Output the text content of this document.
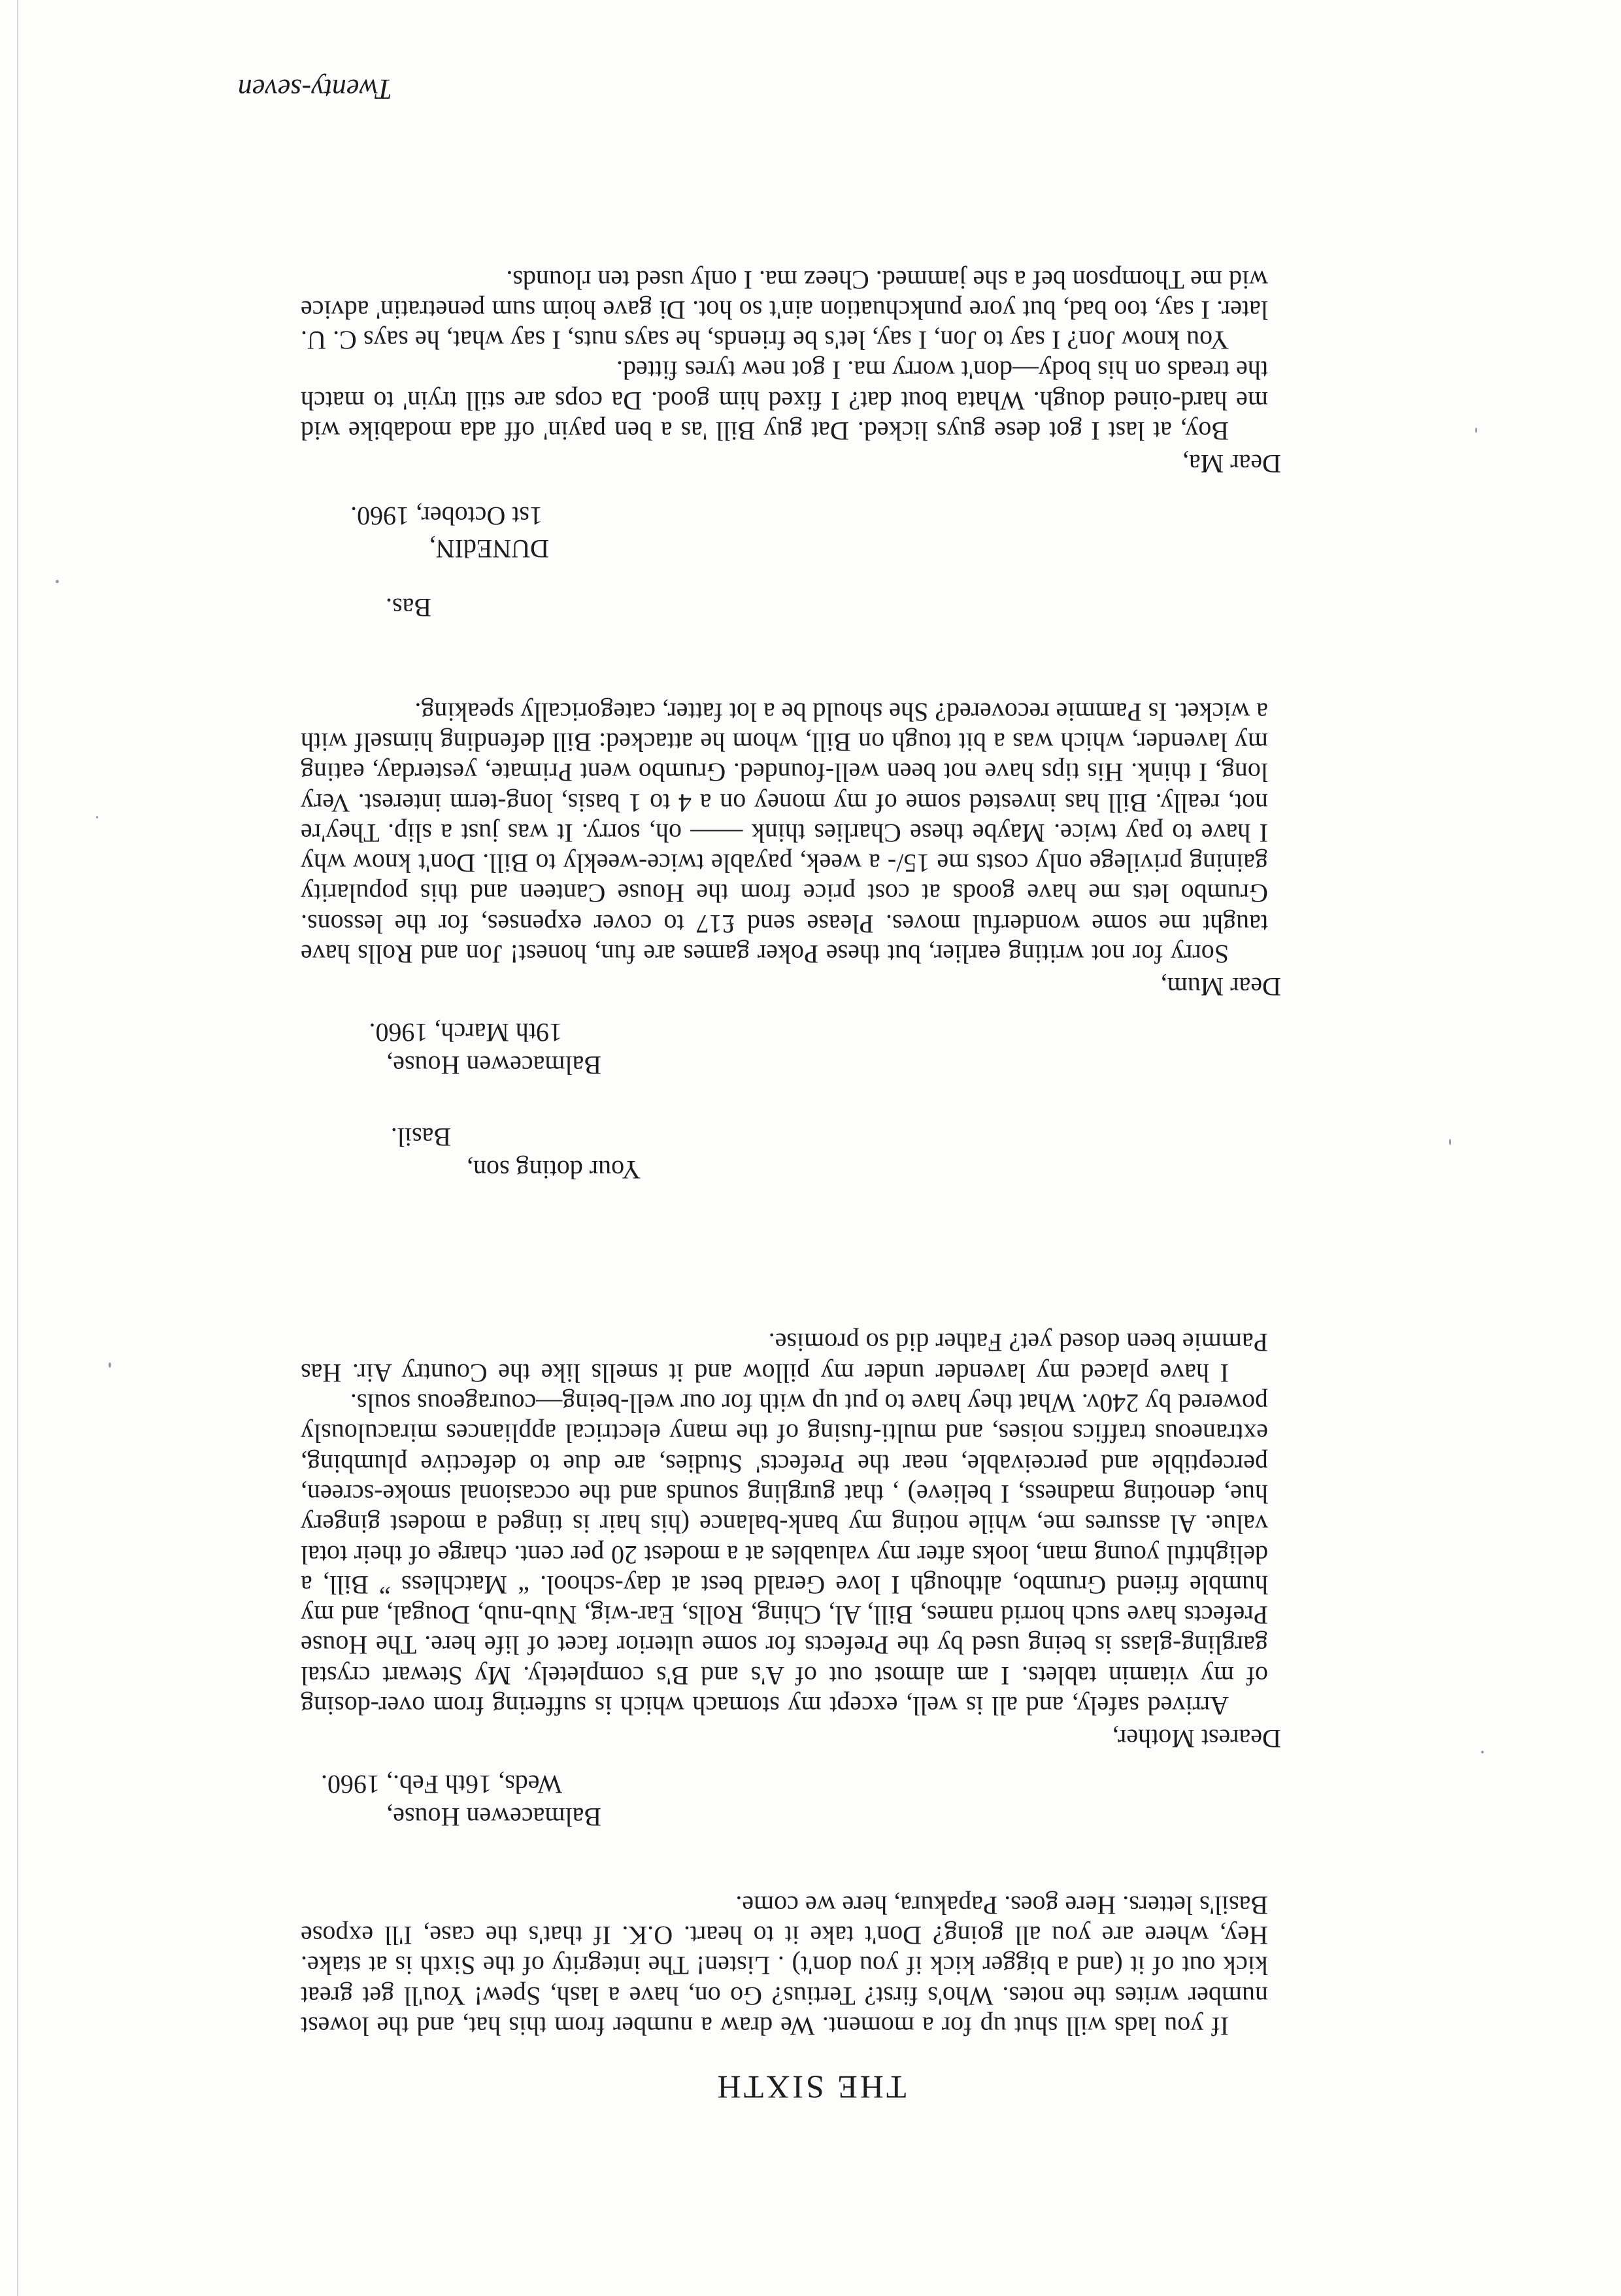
THE SIXTH

If you lads will shut up for a moment. We draw a number from this hat, and the lowest number writes the notes. Who's first? Tertius? Go on, have a lash, Spew! You'll get great kick out of it (and a bigger kick if you don't) . Listen! The integrity of the Sixth is at stake. Hey, where are you all going? Don't take it to heart. O.K. If that's the case, I'll expose Basil's letters. Here goes. Papakura, here we come.

Balmacewen House,
Weds, 16th Feb., 1960.
Dearest Mother,

Arrived safely, and all is well, except my stomach which is suffering from over-dosing of my vitamin tablets. I am almost out of A's and B's completely. My Stewart crystal gargling-glass is being used by the Prefects for some ulterior facet of life here. The House Prefects have such horrid names, Bill, Al, Ching, Rolls, Ear-wig, Nub-nub, Dougal, and my humble friend Grumbo, although I love Gerald best at day-school. “ Matchless ” Bill, a delightful young man, looks after my valuables at a modest 20 per cent. charge of their total value. Al assures me, while noting my bank-balance (his hair is tinged a modest gingery hue, denoting madness, I believe) , that gurgling sounds and the occasional smoke-screen, perceptible and perceivable, near the Prefects' Studies, are due to defective plumbing, extraneous traffics noises, and multi-fusing of the many electrical appliances miraculously powered by 240v. What they have to put up with for our well-being—courageous souls.

I have placed my lavender under my pillow and it smells like the Country Air. Has Pammie been dosed yet? Father did so promise.

Your doting son,
Basil.
Balmacewen House,
19th March, 1960.
Dear Mum,

Sorry for not writing earlier, but these Poker games are fun, honest! Jon and Rolls have taught me some wonderful moves. Please send £17 to cover expenses, for the lessons. Grumbo lets me have goods at cost price from the House Canteen and this popularity gaining privilege only costs me 15/- a week, payable twice-weekly to Bill. Don't know why I have to pay twice. Maybe these Charlies think —— oh, sorry. It was just a slip. They're not, really. Bill has invested some of my money on a 4 to 1 basis, long-term interest. Very long, I think. His tips have not been well-founded. Grumbo went Primate, yesterday, eating my lavender, which was a bit tough on Bill, whom he attacked: Bill defending himself with a wicket. Is Pammie recovered? She should be a lot fatter, categorically speaking.

Bas.
DUNEdIN,
1st October, 1960.
Dear Ma,

Boy, at last I got dese guys licked. Dat guy Bill 'as a ben payin' off ada modabike wid me hard-oined dough. Whata bout dat? I fixed him good. Da cops are still tryin' to match the treads on his body—don't worry ma. I got new tyres fitted.

You know Jon? I say to Jon, I say, let's be friends, he says nuts, I say what, he says C. U. later. I say, too bad, but yore punkchuation ain't so hot. Di gave hoim sum penetratin' advice wid me Thompson bef a she jammed. Cheez ma. I only used ten rlounds.

Twenty-seven
